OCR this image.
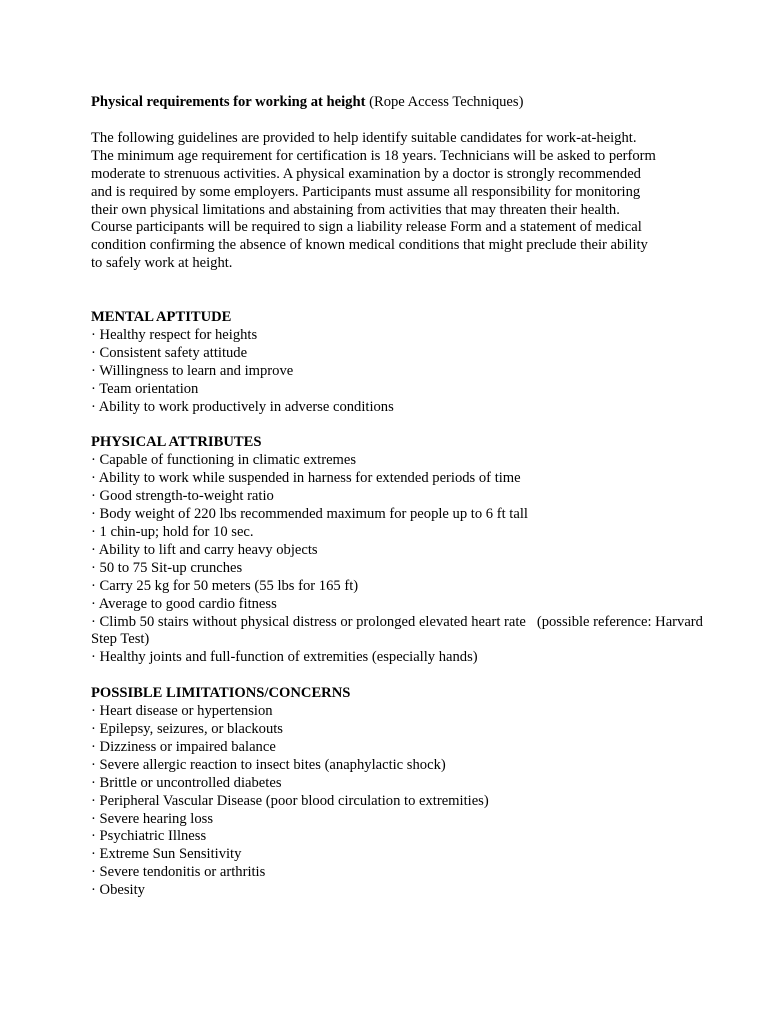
Physical requirements for working at height (Rope Access Techniques)

The following guidelines are provided to help identify suitable candidates for work-at-height.
The minimum age requirement for certification is 18 years. Technicians will be asked to perform
moderate to strenuous activities. A physical examination by a doctor is strongly recommended
and is required by some employers. Participants must assume all responsibility for monitoring
their own physical limitations and abstaining from activities that may threaten their health.
Course participants will be required to sign a liability release Form and a statement of medical
condition confirming the absence of known medical conditions that might preclude their ability
to safely work at height.

MENTAL APTITUDE

· Healthy respect for heights
· Consistent safety attitude
· Willingness to learn and improve
· Team orientation
· Ability to work productively in adverse conditions

PHYSICAL ATTRIBUTES

· Capable of functioning in climatic extremes
· Ability to work while suspended in harness for extended periods of time
· Good strength-to-weight ratio
· Body weight of 220 lbs recommended maximum for people up to 6 ft tall
· 1 chin-up; hold for 10 sec.
· Ability to lift and carry heavy objects
· 50 to 75 Sit-up crunches
· Carry 25 kg for 50 meters (55 lbs for 165 ft)
· Average to good cardio fitness
· Climb 50 stairs without physical distress or prolonged elevated heart rate   (possible reference: Harvard Step Test)
· Healthy joints and full-function of extremities (especially hands)

POSSIBLE LIMITATIONS/CONCERNS

· Heart disease or hypertension
· Epilepsy, seizures, or blackouts
· Dizziness or impaired balance
· Severe allergic reaction to insect bites (anaphylactic shock)
· Brittle or uncontrolled diabetes
· Peripheral Vascular Disease (poor blood circulation to extremities)
· Severe hearing loss
· Psychiatric Illness
· Extreme Sun Sensitivity
· Severe tendonitis or arthritis
· Obesity
